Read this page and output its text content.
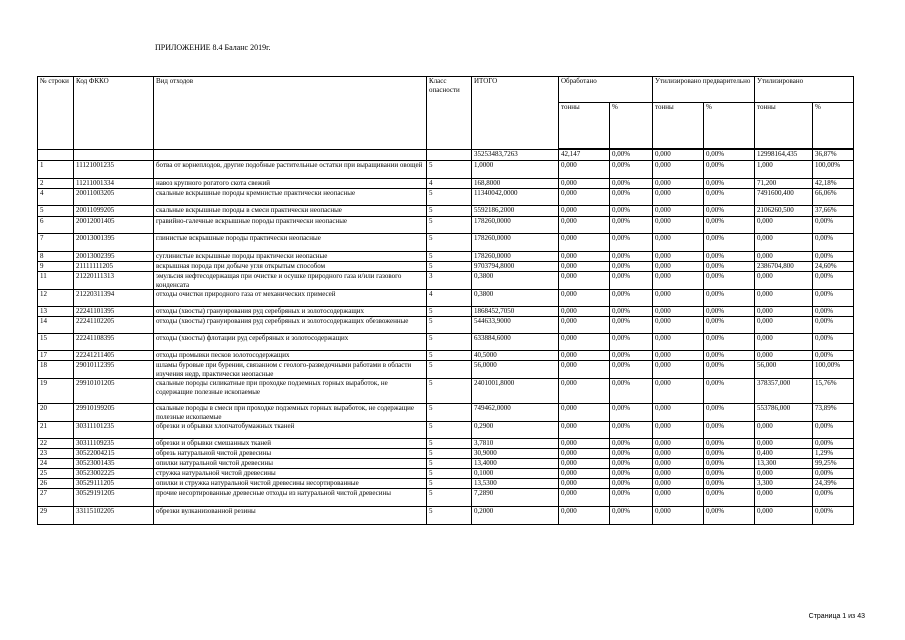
ПРИЛОЖЕНИЕ 8.4 Баланс 2019г.
№ строки	Код ФККО	Вид отходов	Класс опасности	ИТОГО	Обработано		Утилизировано предварительно		Утилизировано	
					тонны	%	тонны	%	тонны	%

				35253483,7263	42,147	0,00%	0,000	0,00%	12998164,435	36,87%
1	11121001235	ботва от корнеплодов, другие подобные растительные остатки при выращивании овощей	5	1,0000	0,000	0,00%	0,000	0,00%	1,000	100,00%
2	11211001334	навоз крупного рогатого скота свежий	4	168,8000	0,000	0,00%	0,000	0,00%	71,200	42,18%
4	20011003205	скальные вскрышные породы кремнистые практически неопасные	5	11340042,0000	0,000	0,00%	0,000	0,00%	7491600,400	66,06%
5	20011099205	скальные вскрышные породы в смеси практически неопасные	5	5592186,2000	0,000	0,00%	0,000	0,00%	2106260,500	37,66%
6	20012001405	гравийно-галечные вскрышные породы практически неопасные	5	178260,0000	0,000	0,00%	0,000	0,00%	0,000	0,00%
7	20013001395	глинистые вскрышные породы практически неопасные	5	178260,0000	0,000	0,00%	0,000	0,00%	0,000	0,00%
8	20013002395	суглинистые вскрышные породы практически неопасные	5	178260,0000	0,000	0,00%	0,000	0,00%	0,000	0,00%
9	21111111205	вскрышная порода при добыче угля открытым способом	5	9703794,8000	0,000	0,00%	0,000	0,00%	2386704,800	24,60%
11	21220111313	эмульсия нефтесодержащая при очистке и осушке природного газа и/или газового конденсата	3	0,3800	0,000	0,00%	0,000	0,00%	0,000	0,00%
12	21220311394	отходы очистки природного газа от механических примесей	4	0,3800	0,000	0,00%	0,000	0,00%	0,000	0,00%
13	22241101395	отходы (хвосты) грануирования руд серебряных и золотосодержащих	5	1868452,7050	0,000	0,00%	0,000	0,00%	0,000	0,00%
14	22241102205	отходы (хвосты) грануирования руд серебряных и золотосодержащих обезвоженные	5	544633,9000	0,000	0,00%	0,000	0,00%	0,000	0,00%
15	22241108395	отходы (хвосты) флотации руд серебряных и золотосодержащих	5	633884,6000	0,000	0,00%	0,000	0,00%	0,000	0,00%
17	22241211405	отходы промывки песков золотосодержащих	5	40,5000	0,000	0,00%	0,000	0,00%	0,000	0,00%
18	29010112395	шламы буровые при бурении, связанном с геолого-разведочными работами в области изучения недр, практически неопасные	5	56,0000	0,000	0,00%	0,000	0,00%	56,000	100,00%
19	29910101205	скальные породы силикатные при проходке подземных горных выработок, не содержащие полезные ископаемые	5	2401001,8000	0,000	0,00%	0,000	0,00%	378357,000	15,76%
20	29910199205	скальные породы в смеси при проходке подземных горных выработок, не содержащие полезные ископаемые	5	749462,0000	0,000	0,00%	0,000	0,00%	553786,000	73,89%
21	30311101235	обрезки и обрывки хлопчатобумажных тканей	5	0,2900	0,000	0,00%	0,000	0,00%	0,000	0,00%
22	30311109235	обрезки и обрывки смешанных тканей	5	3,7810	0,000	0,00%	0,000	0,00%	0,000	0,00%
23	30522004215	обрезь натуральной чистой древесины	5	30,9000	0,000	0,00%	0,000	0,00%	0,400	1,29%
24	30523001435	опилки натуральной чистой древесины	5	13,4000	0,000	0,00%	0,000	0,00%	13,300	99,25%
25	30523002225	стружка натуральной чистой древесины	5	0,1000	0,000	0,00%	0,000	0,00%	0,000	0,00%
26	30529111205	опилки и стружка натуральной чистой древесины несортированные	5	13,5300	0,000	0,00%	0,000	0,00%	3,300	24,39%
27	30529191205	прочие несортированные древесные отходы из натуральной чистой древесины	5	7,2890	0,000	0,00%	0,000	0,00%	0,000	0,00%
29	33115102205	обрезки вулканизованной резины	5	0,2000	0,000	0,00%	0,000	0,00%	0,000	0,00%
Страница 1 из 43
